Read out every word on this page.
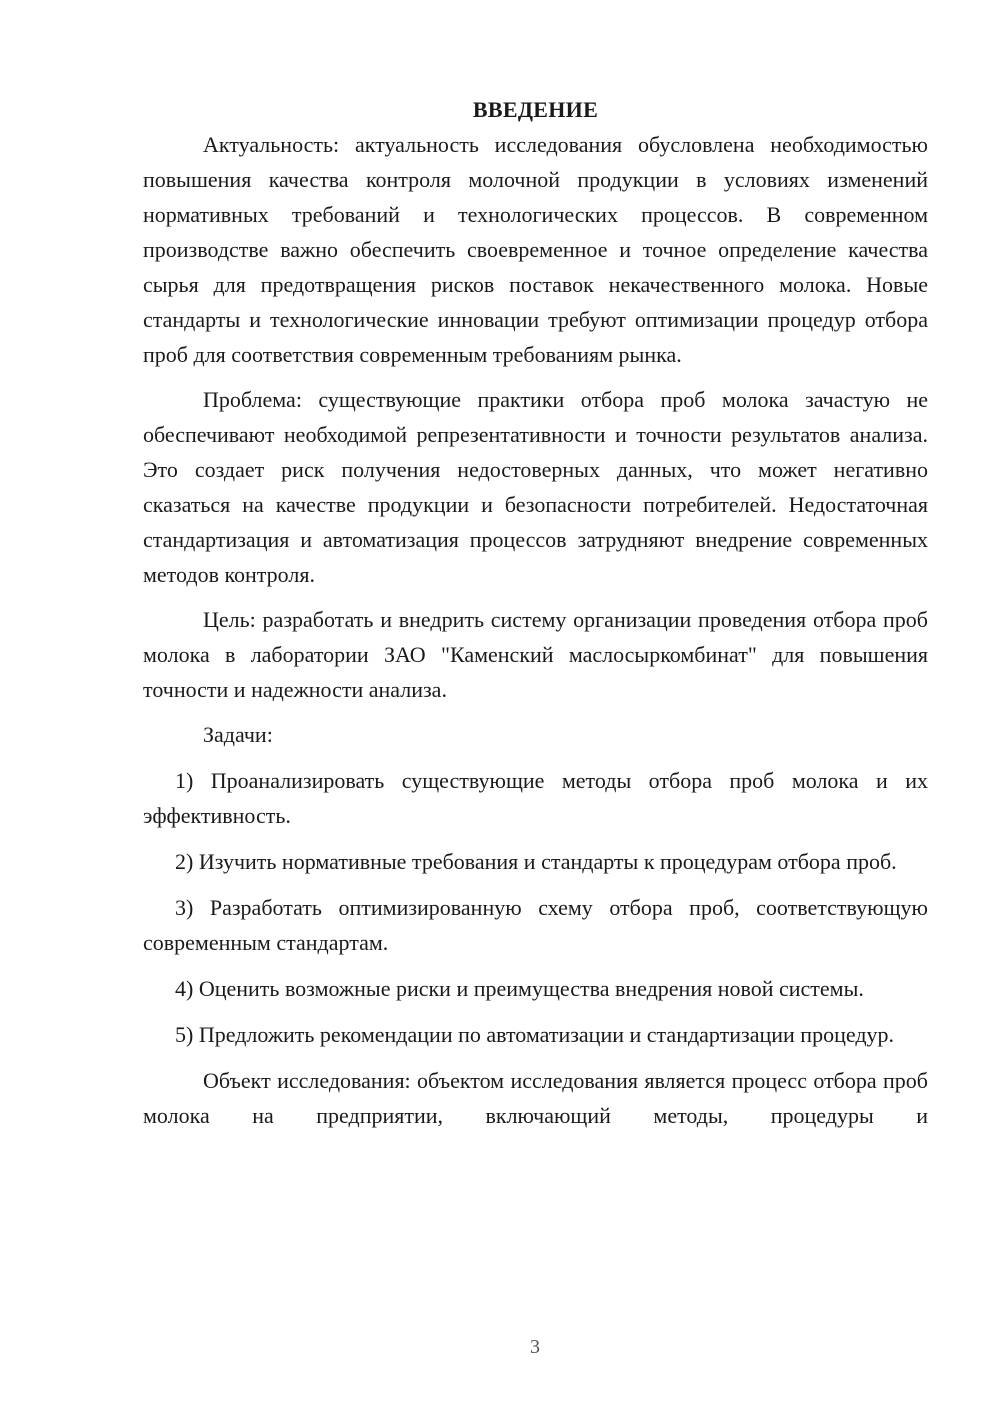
ВВЕДЕНИЕ

Актуальность: актуальность исследования обусловлена необходимостью повышения качества контроля молочной продукции в условиях изменений нормативных требований и технологических процессов. В современном производстве важно обеспечить своевременное и точное определение качества сырья для предотвращения рисков поставок некачественного молока. Новые стандарты и технологические инновации требуют оптимизации процедур отбора проб для соответствия современным требованиям рынка.

Проблема: существующие практики отбора проб молока зачастую не обеспечивают необходимой репрезентативности и точности результатов анализа. Это создает риск получения недостоверных данных, что может негативно сказаться на качестве продукции и безопасности потребителей. Недостаточная стандартизация и автоматизация процессов затрудняют внедрение современных методов контроля.

Цель: разработать и внедрить систему организации проведения отбора проб молока в лаборатории ЗАО "Каменский маслосыркомбинат" для повышения точности и надежности анализа.

Задачи:

1) Проанализировать существующие методы отбора проб молока и их эффективность.

2) Изучить нормативные требования и стандарты к процедурам отбора проб.

3) Разработать оптимизированную схему отбора проб, соответствующую современным стандартам.

4) Оценить возможные риски и преимущества внедрения новой системы.

5) Предложить рекомендации по автоматизации и стандартизации процедур.

Объект исследования: объектом исследования является процесс отбора проб молока на предприятии, включающий методы, процедуры и

3
